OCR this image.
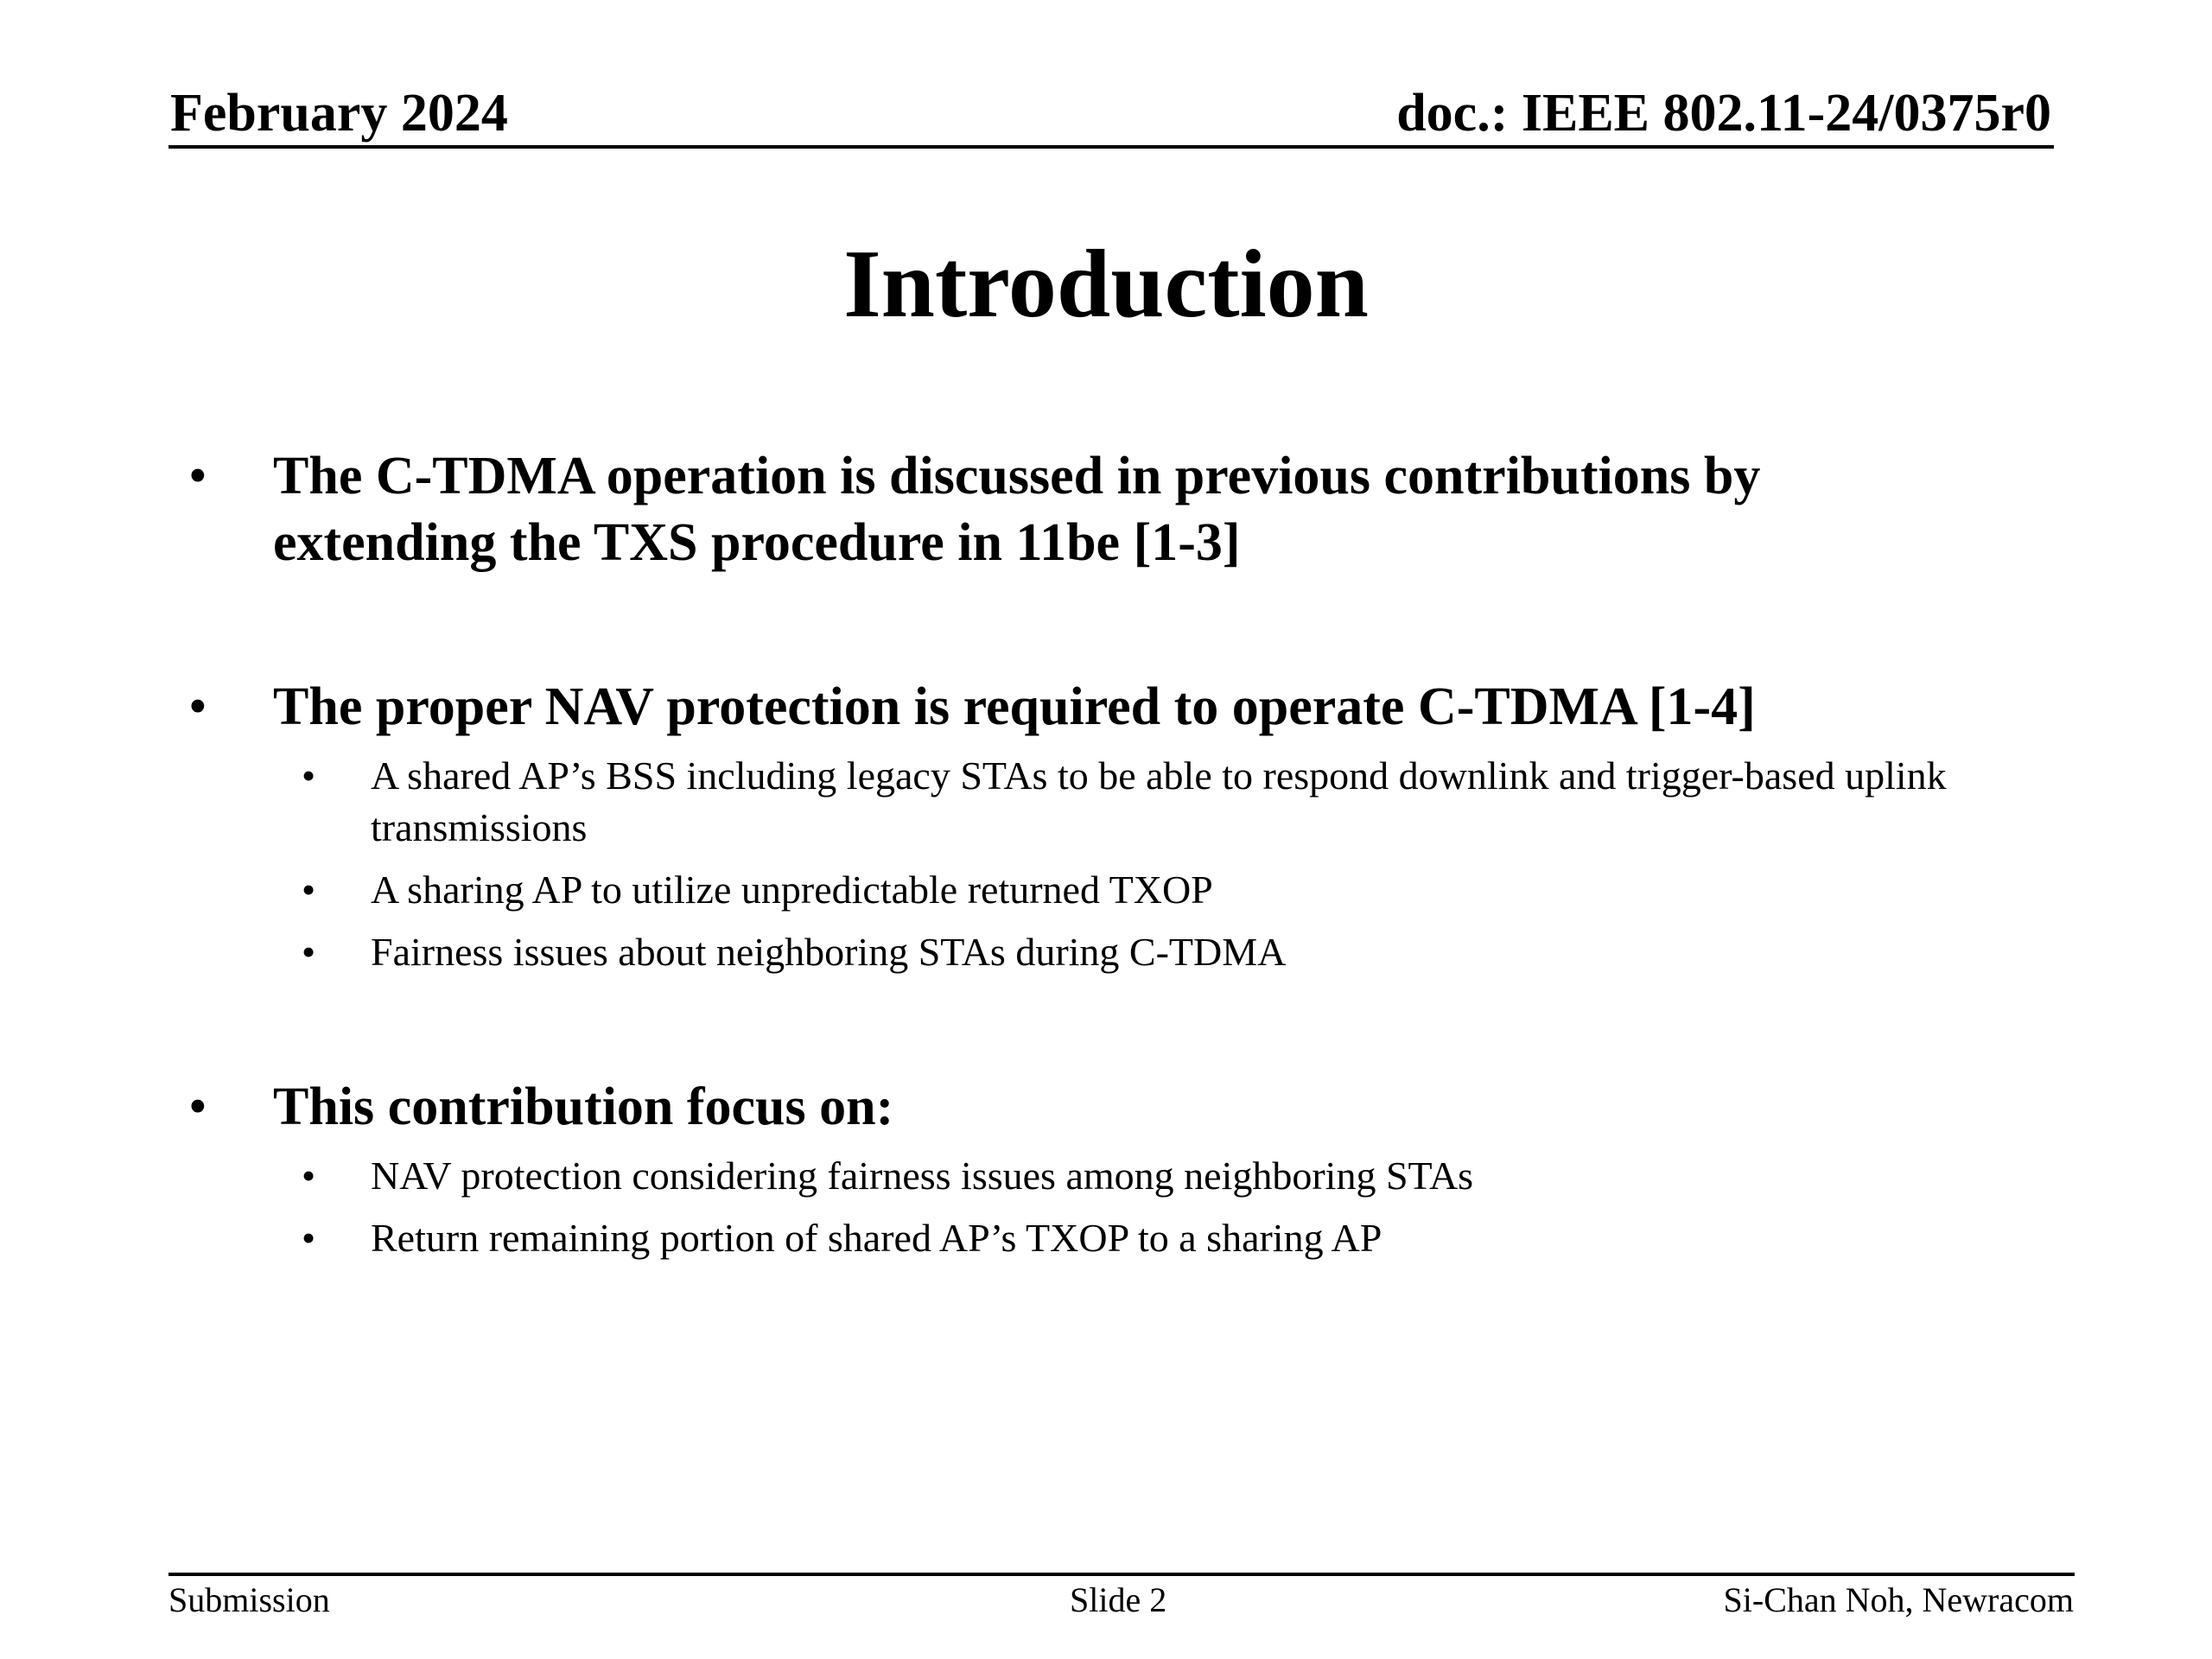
February 2024	doc.: IEEE 802.11-24/0375r0
Introduction
• The C-TDMA operation is discussed in previous contributions by extending the TXS procedure in 11be [1-3]
• The proper NAV protection is required to operate C-TDMA [1-4]
• A shared AP’s BSS including legacy STAs to be able to respond downlink and trigger-based uplink transmissions
• A sharing AP to utilize unpredictable returned TXOP
• Fairness issues about neighboring STAs during C-TDMA
• This contribution focus on:
• NAV protection considering fairness issues among neighboring STAs
• Return remaining portion of shared AP’s TXOP to a sharing AP
Submission	Slide 2	Si-Chan Noh, Newracom
